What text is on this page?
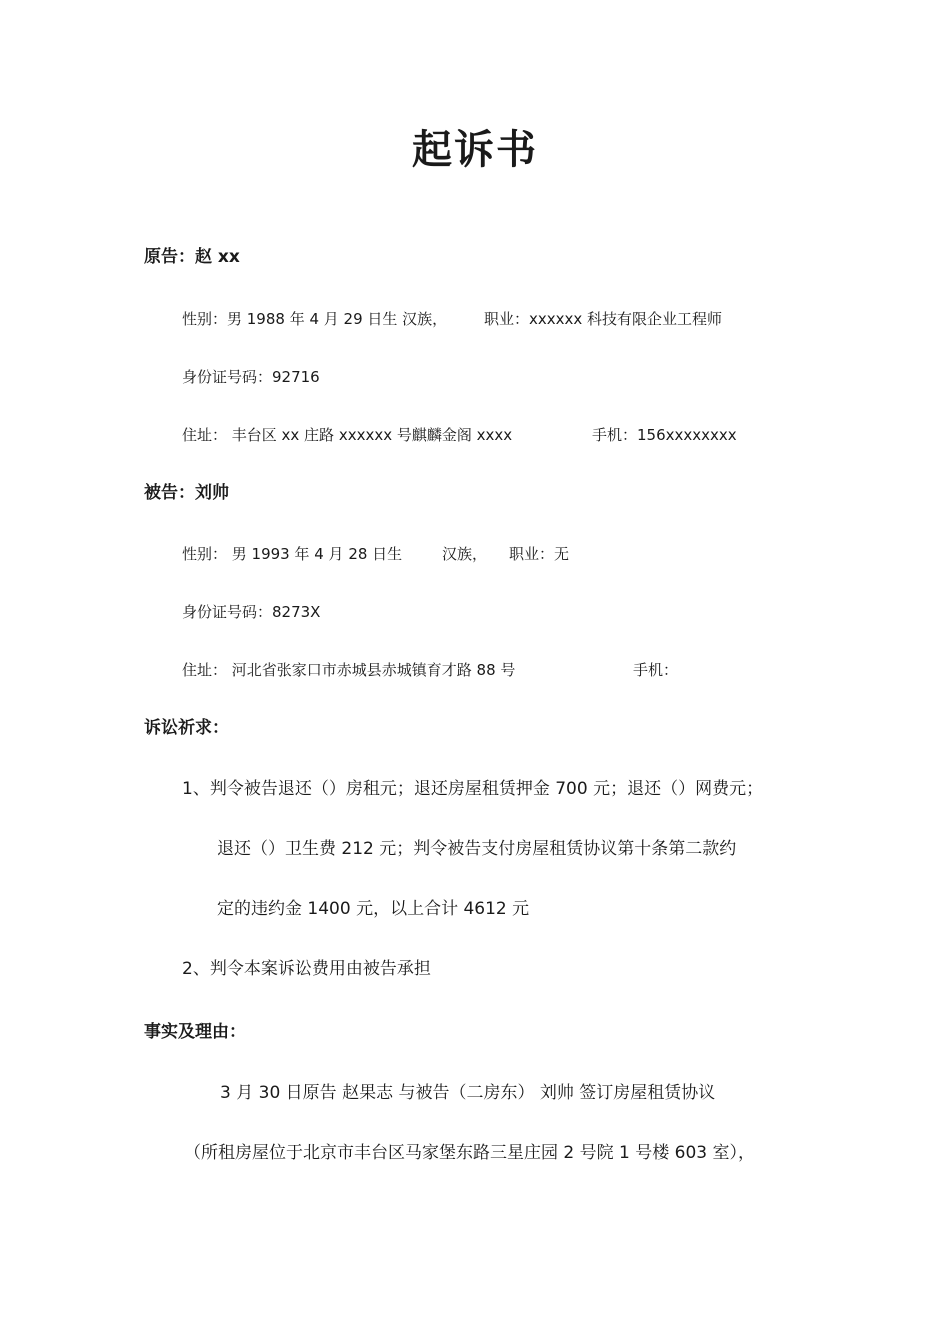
起诉书
原告：赵 xx
性别：男 1988 年 4 月 29 日生 汉族， 职业：xxxxxx 科技有限企业工程师
身份证号码：92716
住址： 丰台区 xx 庄路 xxxxxx 号麒麟金阁 xxxx	手机：156xxxxxxxx
被告：刘帅
性别： 男 1993 年 4 月 28 日生	汉族， 职业：无
身份证号码：8273X
住址： 河北省张家口市赤城县赤城镇育才路 88 号	手机：
诉讼祈求：
1、判令被告退还（）房租元；退还房屋租赁押金 700 元；退还（）网费元；
退还（）卫生费 212 元；判令被告支付房屋租赁协议第十条第二款约
定的违约金 1400 元，以上合计 4612 元
2、判令本案诉讼费用由被告承担
事实及理由：
3 月 30 日原告 赵果志 与被告（二房东） 刘帅 签订房屋租赁协议
（所租房屋位于北京市丰台区马家堡东路三星庄园 2 号院 1 号楼 603 室），
